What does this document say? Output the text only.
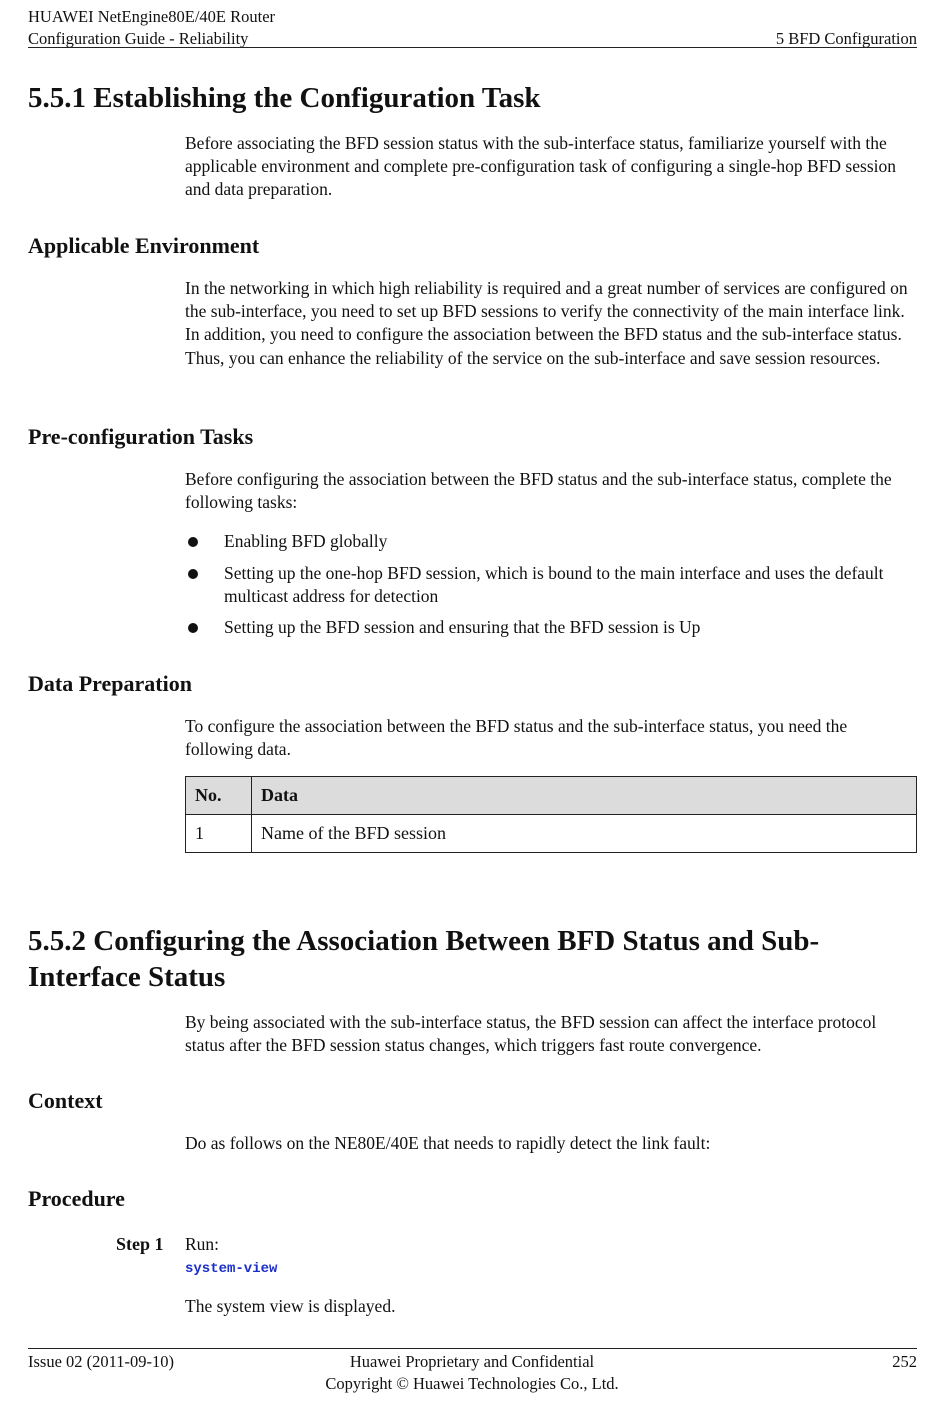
HUAWEI NetEngine80E/40E Router
Configuration Guide - Reliability	5 BFD Configuration
5.5.1 Establishing the Configuration Task

Before associating the BFD session status with the sub-interface status, familiarize yourself with the applicable environment and complete pre-configuration task of configuring a single-hop BFD session and data preparation.

Applicable Environment

In the networking in which high reliability is required and a great number of services are configured on the sub-interface, you need to set up BFD sessions to verify the connectivity of the main interface link. In addition, you need to configure the association between the BFD status and the sub-interface status. Thus, you can enhance the reliability of the service on the sub-interface and save session resources.

Pre-configuration Tasks

Before configuring the association between the BFD status and the sub-interface status, complete the following tasks:

Enabling BFD globally
Setting up the one-hop BFD session, which is bound to the main interface and uses the default multicast address for detection
Setting up the BFD session and ensuring that the BFD session is Up
Data Preparation

To configure the association between the BFD status and the sub-interface status, you need the following data.

No.	Data
1	Name of the BFD session
5.5.2 Configuring the Association Between BFD Status and Sub-
Interface Status

By being associated with the sub-interface status, the BFD session can affect the interface protocol status after the BFD session status changes, which triggers fast route convergence.

Context

Do as follows on the NE80E/40E that needs to rapidly detect the link fault:

Procedure
Step 1 Run:

system-view

The system view is displayed.

Issue 02 (2011-09-10)	Huawei Proprietary and Confidential
Copyright © Huawei Technologies Co., Ltd.
252
